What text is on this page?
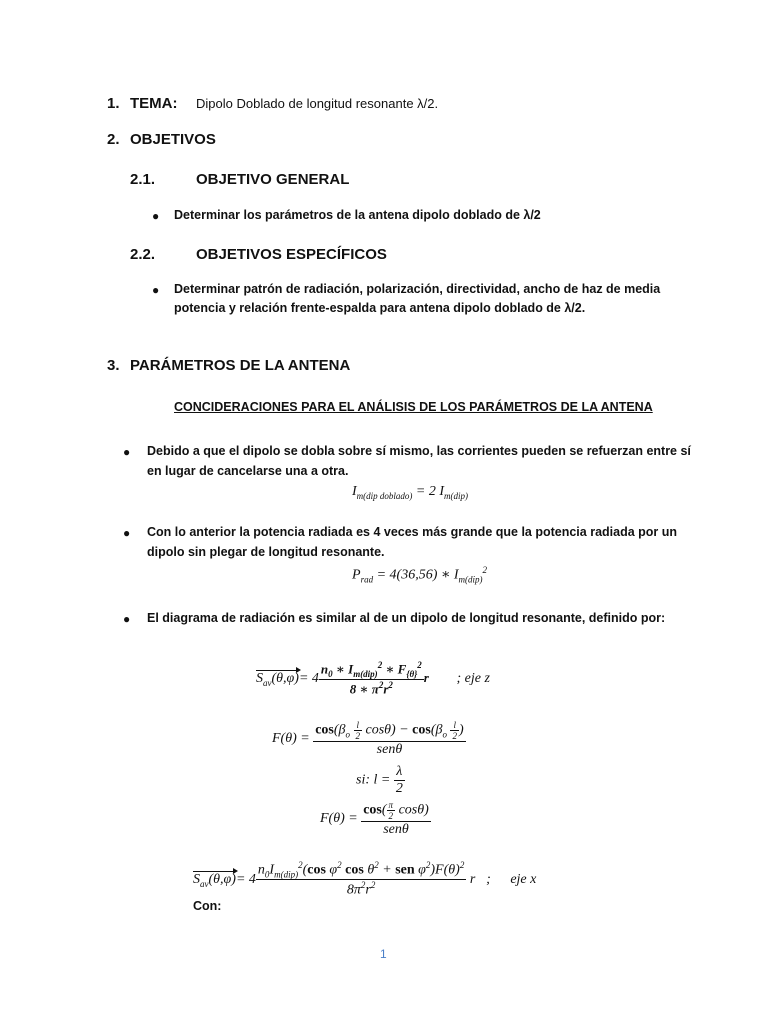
1. TEMA: Dipolo Doblado de longitud resonante λ/2.
2. OBJETIVOS
2.1.	OBJETIVO GENERAL
● Determinar los parámetros de la antena dipolo doblado de λ/2
2.2.	OBJETIVOS ESPECÍFICOS
● Determinar patrón de radiación, polarización, directividad, ancho de haz de media
potencia y relación frente-espalda para antena dipolo doblado de λ/2.
3. PARÁMETROS DE LA ANTENA
CONCIDERACIONES PARA EL ANÁLISIS DE LOS PARÁMETROS DE LA ANTENA
● Debido a que el dipolo se dobla sobre sí mismo, las corrientes pueden se refuerzan entre sí
en lugar de cancelarse una a otra.
$I_{m(dip doblado)} = 2$ $I_{m(dip)}$
● Con lo anterior la potencia radiada es 4 veces más grande que la potencia radiada por un
dipolo sin plegar de longitud resonante.
$P_{rad} = 4(36,56)$ ∗ $I_{m(dip)}^2$
● El diagrama de radiación es similar al de un dipolo de longitud resonante, definido por:
$S_{av}(\theta,\varphi)= 4 \frac{n_0 ∗ I_{m(dip)}^2 ∗ F_{\{\theta\}}^2}{8 ∗ \pi^2r^2}$ r⃗ ; eje z
$F(\theta) = \frac{\cos(\beta_o \frac{l}{2} \cos\theta) - \cos(\beta_o \frac{l}{2} )}{\text{senθ}}$
si: $l = \frac{\lambda}{2}$
$F(\theta) = \frac{\cos( \frac{\pi}{2} \cos\theta)}{\text{senθ}}$
$S_{av}(\theta,\varphi)= 4 \frac{n_0I_{m(dip)}^2(\cos \varphi^2 \cos \theta^2 + sen \varphi^2)F(\theta)^2}{8\pi^2r^2}$ r⃗; eje x
Con:
1
